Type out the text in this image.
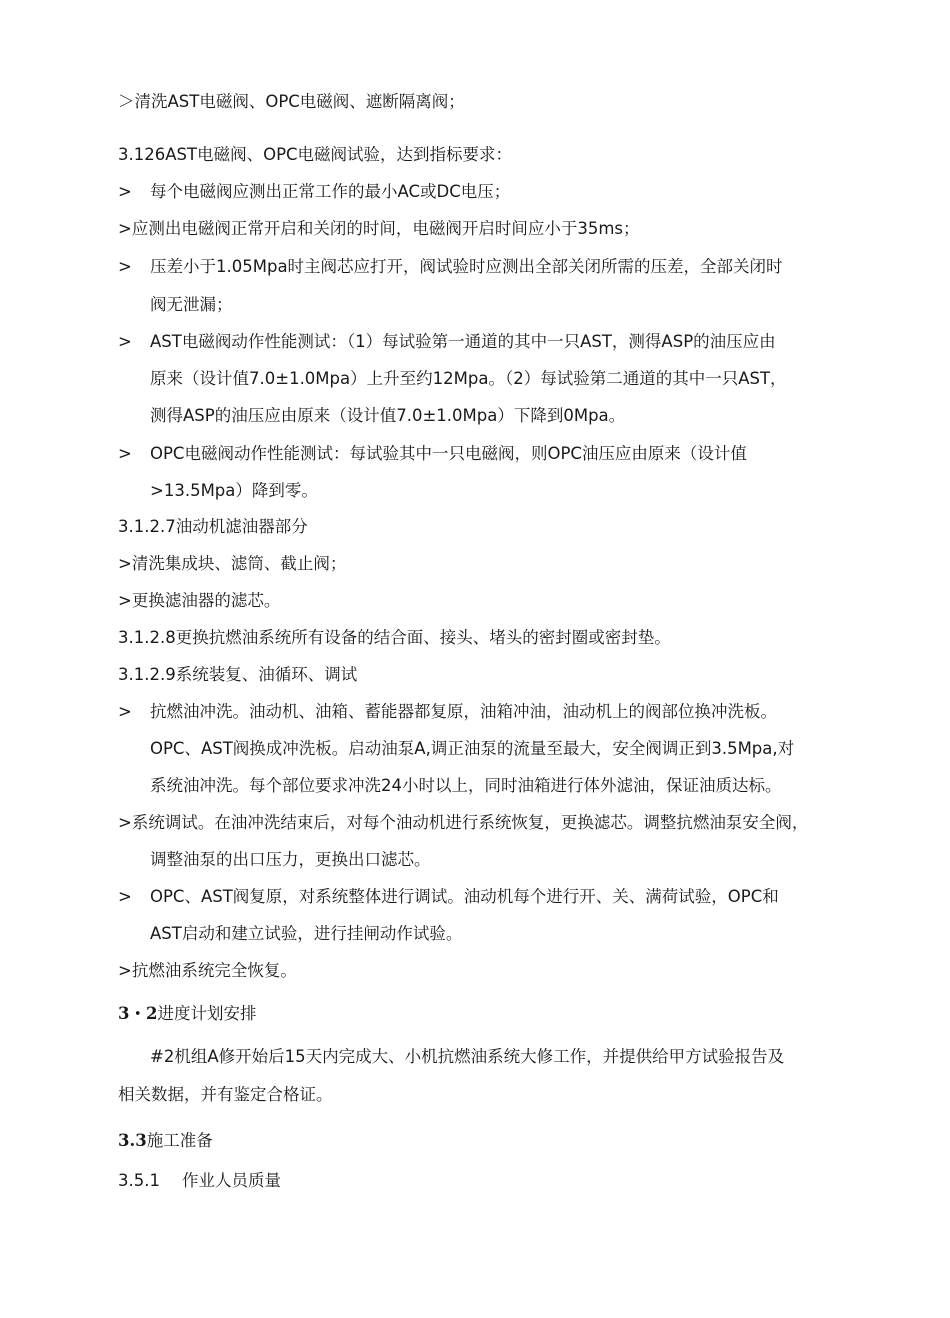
＞清洗AST电磁阀、OPC电磁阀、遮断隔离阀；
3.126AST电磁阀、OPC电磁阀试验，达到指标要求：
> 每个电磁阀应测出正常工作的最小AC或DC电压；
>应测出电磁阀正常开启和关闭的时间，电磁阀开启时间应小于35ms；
> 压差小于1.05Mpa时主阀芯应打开，阀试验时应测出全部关闭所需的压差，全部关闭时
阀无泄漏；
> AST电磁阀动作性能测试：（1）每试验第一通道的其中一只AST，测得ASP的油压应由
原来（设计值7.0±1.0Mpa）上升至约12Mpa。（2）每试验第二通道的其中一只AST，
测得ASP的油压应由原来（设计值7.0±1.0Mpa）下降到0Mpa。
> OPC电磁阀动作性能测试：每试验其中一只电磁阀，则OPC油压应由原来（设计值
>13.5Mpa）降到零。
3.1.2.7油动机滤油器部分
>清洗集成块、滤筒、截止阀；
>更换滤油器的滤芯。
3.1.2.8更换抗燃油系统所有设备的结合面、接头、堵头的密封圈或密封垫。
3.1.2.9系统装复、油循环、调试
> 抗燃油冲洗。油动机、油箱、蓄能器都复原，油箱冲油，油动机上的阀部位换冲洗板。
OPC、AST阀换成冲洗板。启动油泵A,调正油泵的流量至最大，安全阀调正到3.5Mpa,对
系统油冲洗。每个部位要求冲洗24小时以上，同时油箱进行体外滤油，保证油质达标。
>系统调试。在油冲洗结束后，对每个油动机进行系统恢复，更换滤芯。调整抗燃油泵安全阀，
调整油泵的出口压力，更换出口滤芯。
> OPC、AST阀复原，对系统整体进行调试。油动机每个进行开、关、满荷试验，OPC和
AST启动和建立试验，进行挂闸动作试验。
>抗燃油系统完全恢复。
3・2进度计划安排
#2机组A修开始后15天内完成大、小机抗燃油系统大修工作，并提供给甲方试验报告及
相关数据，并有鉴定合格证。
3.3施工准备
3.5.1 作业人员质量
